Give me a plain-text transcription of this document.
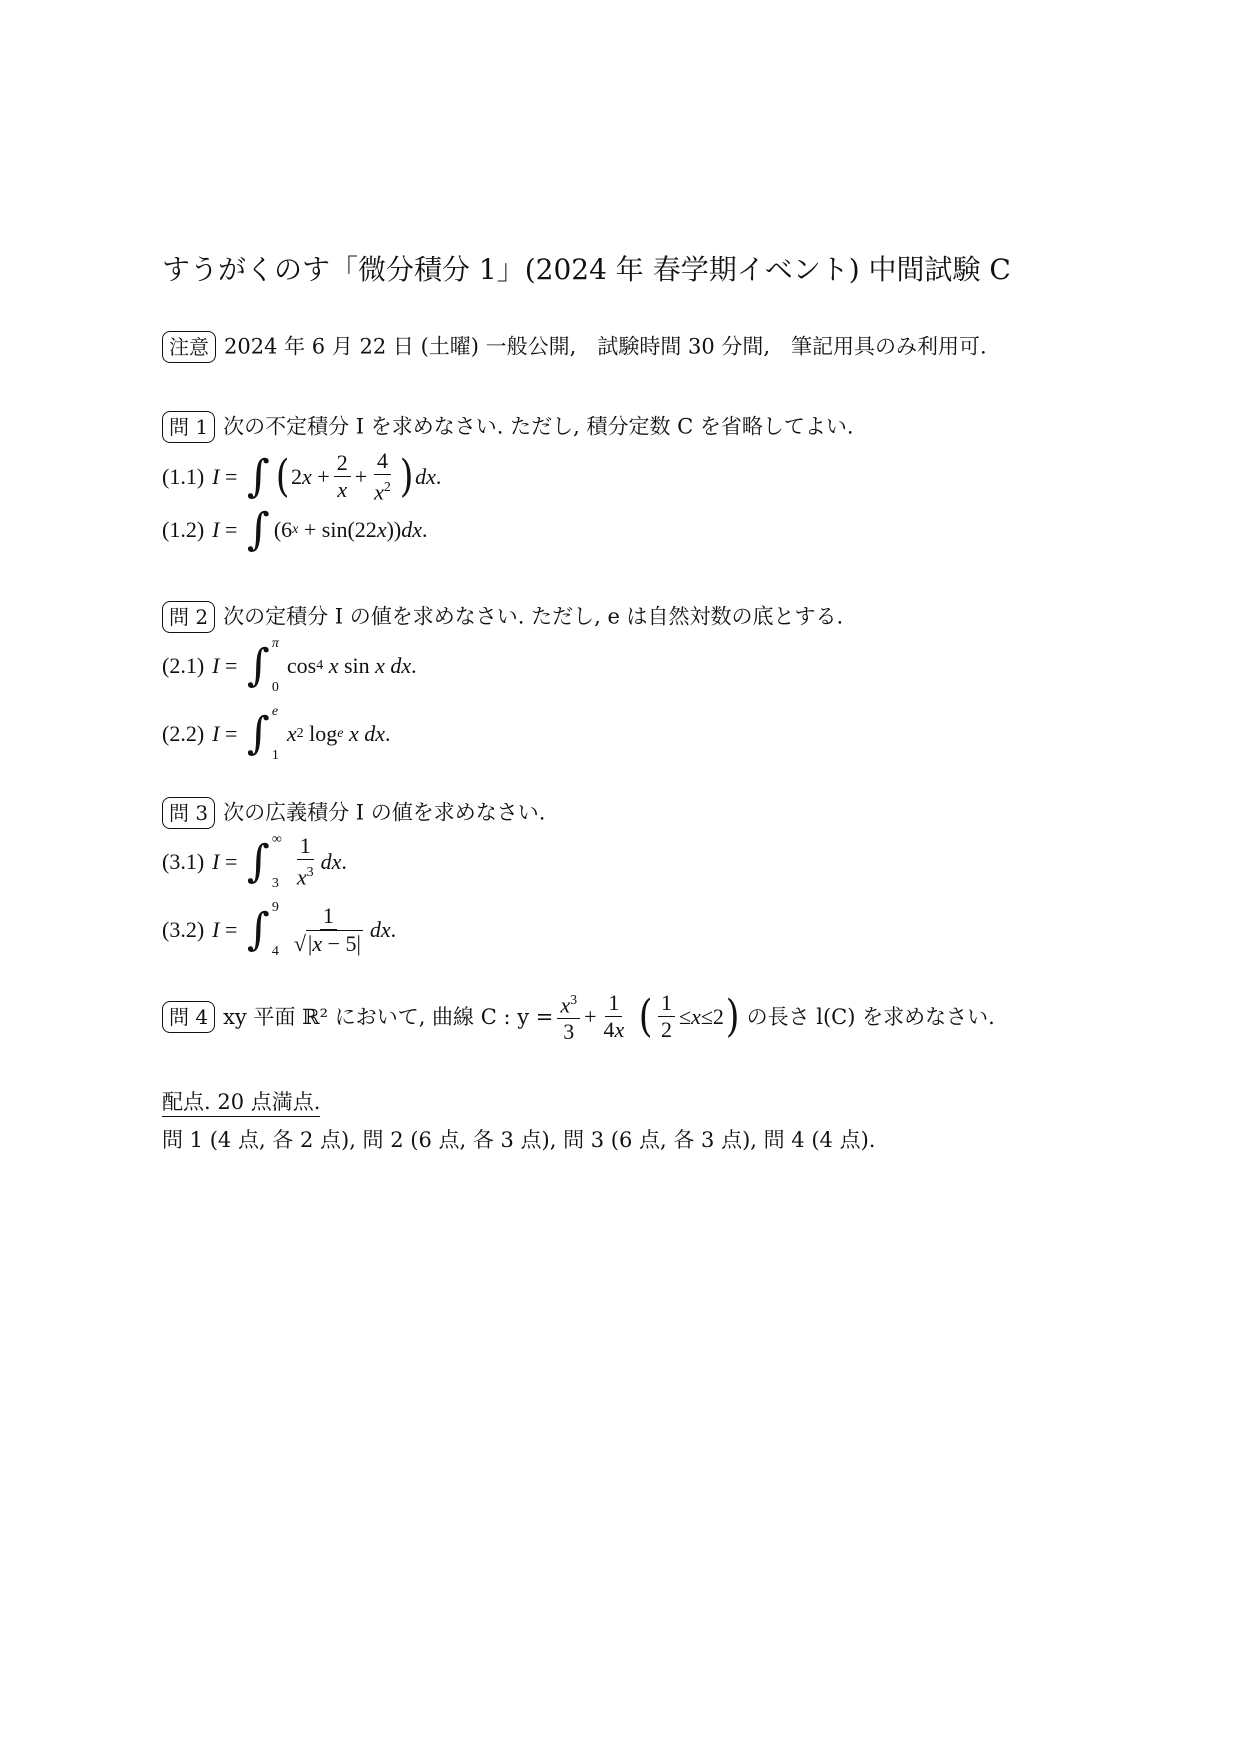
すうがくのす「微分積分 1」(2024 年 春学期イベント) 中間試験 C
注意 2024 年 6 月 22 日 (土曜) 一般公開,　試験時間 30 分間,　筆記用具のみ利用可.
問 1 次の不定積分 I を求めなさい. ただし, 積分定数 C を省略してよい.
(1.1) I = ∫ ( 2 $x + \frac{2}{x} + \frac{4}{x^2}$ ) dx .
(1.2) I = ∫ (6 x + sin(22 x )) dx .
問 2 次の定積分 I の値を求めなさい. ただし, e は自然対数の底とする.
(2.1) I = ∫ π
0
cos 4
x sin x dx .
(2.2) I = ∫ e
1
x 2 log e
x dx .
問 3 次の広義積分 I の値を求めなさい.
(3.1) I = ∫ ∞
$3 \frac{1}{x^3}$ dx .
(3.2) I = ∫ 9
$4 \frac{1}{√ |x - 5|}$ dx .
問 4 xy 平面 ℝ² において, 曲線 C : $y = \frac{x^3}{3} + \frac{1}{4x}$
( $\frac{1}{2} \le x \le 2$ )
の長さ l(C) を求めなさい.
配点. 20 点満点.
問 1 (4 点, 各 2 点), 問 2 (6 点, 各 3 点), 問 3 (6 点, 各 3 点), 問 4 (4 点).
